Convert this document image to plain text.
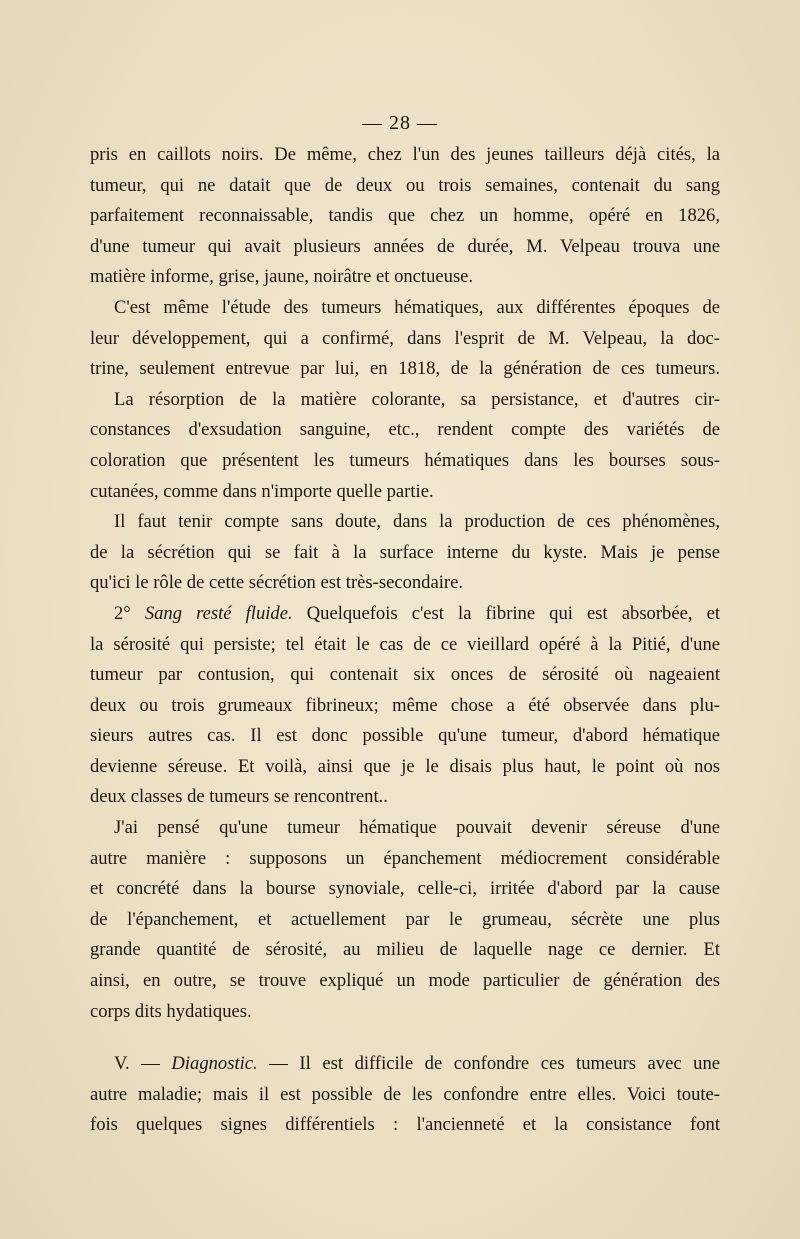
— 28 —
pris en caillots noirs. De même, chez l'un des jeunes tailleurs déjà cités, la
tumeur, qui ne datait que de deux ou trois semaines, contenait du sang
parfaitement reconnaissable, tandis que chez un homme, opéré en 1826,
d'une tumeur qui avait plusieurs années de durée, M. Velpeau trouva une
matière informe, grise, jaune, noirâtre et onctueuse.
C'est même l'étude des tumeurs hématiques, aux différentes époques de
leur développement, qui a confirmé, dans l'esprit de M. Velpeau, la doc-
trine, seulement entrevue par lui, en 1818, de la génération de ces tumeurs.
La résorption de la matière colorante, sa persistance, et d'autres cir-
constances d'exsudation sanguine, etc., rendent compte des variétés de
coloration que présentent les tumeurs hématiques dans les bourses sous-
cutanées, comme dans n'importe quelle partie.
Il faut tenir compte sans doute, dans la production de ces phénomènes,
de la sécrétion qui se fait à la surface interne du kyste. Mais je pense
qu'ici le rôle de cette sécrétion est très-secondaire.
2° Sang resté fluide. Quelquefois c'est la fibrine qui est absorbée, et
la sérosité qui persiste; tel était le cas de ce vieillard opéré à la Pitié, d'une
tumeur par contusion, qui contenait six onces de sérosité où nageaient
deux ou trois grumeaux fibrineux; même chose a été observée dans plu-
sieurs autres cas. Il est donc possible qu'une tumeur, d'abord hématique
devienne séreuse. Et voilà, ainsi que je le disais plus haut, le point où nos
deux classes de tumeurs se rencontrent..
J'ai pensé qu'une tumeur hématique pouvait devenir séreuse d'une
autre manière : supposons un épanchement médiocrement considérable
et concrété dans la bourse synoviale, celle-ci, irritée d'abord par la cause
de l'épanchement, et actuellement par le grumeau, sécrète une plus
grande quantité de sérosité, au milieu de laquelle nage ce dernier. Et
ainsi, en outre, se trouve expliqué un mode particulier de génération des
corps dits hydatiques.
V. — Diagnostic. — Il est difficile de confondre ces tumeurs avec une
autre maladie; mais il est possible de les confondre entre elles. Voici toute-
fois quelques signes différentiels : l'ancienneté et la consistance font
